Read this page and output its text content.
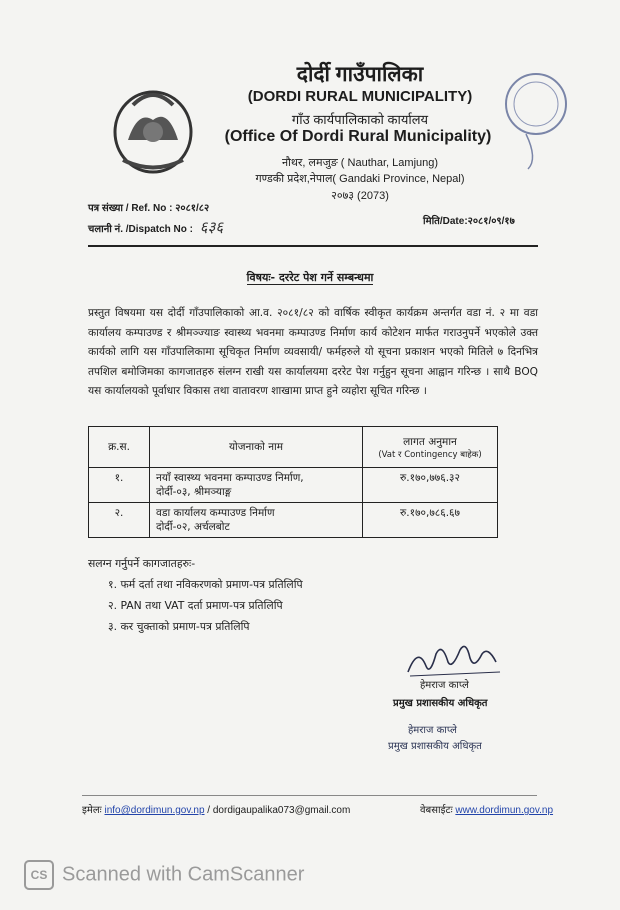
दोर्दी गाउँपालिका
(DORDI RURAL MUNICIPALITY)
गाँउ कार्यपालिकाको कार्यालय
(Office Of Dordi Rural Municipality)
नौथर, लमजुङ ( Nauthar, Lamjung)
गण्डकी प्रदेश,नेपाल( Gandaki Province, Nepal)
२०७३ (2073)
पत्र संख्या / Ref. No : २०८१/८२
चलानी नं. /Dispatch No : ६३६	मिति/Date:२०८१/०९/१७
विषयः- दररेट पेश गर्ने सम्बन्धमा
प्रस्तुत विषयमा यस दोर्दी गाँउपालिकाको आ.व. २०८१/८२ को वार्षिक स्वीकृत कार्यक्रम अन्तर्गत वडा नं. २ मा वडा कार्यालय कम्पाउण्ड र श्रीमञ्ज्याङ स्वास्थ्य भवनमा कम्पाउण्ड निर्माण कार्य कोटेशन मार्फत गराउनुपर्ने भएकोले उक्त कार्यको लागि यस गाँउपालिकामा सूचिकृत निर्माण व्यवसायी/ फर्महरुले यो सूचना प्रकाशन भएको मितिले ७ दिनभित्र तपशिल बमोजिमका कागजातहरु संलग्न राखी यस कार्यालयमा दररेट पेश गर्नुहुन सूचना आह्वान गरिन्छ । साथै BOQ यस कार्यालयको पूर्वाधार विकास तथा वातावरण शाखामा प्राप्त हुने व्यहोरा सूचित गरिन्छ ।
क्र.स.	योजनाको नाम	लागत अनुमान
(Vat र Contingency बाहेक)

१.	नयाँ स्वास्थ्य भवनमा कम्पाउण्ड निर्माण,
दोर्दी-०३, श्रीमञ्याङ्ग	रु.१७०,७७६.३२
२.	वडा कार्यालय कम्पाउण्ड निर्माण
दोर्दी-०२, अर्चलबोट	रु.१७०,७८६.६७
सलग्न गर्नुपर्ने कागजातहरुः-
१. फर्म दर्ता तथा नविकरणको प्रमाण-पत्र प्रतिलिपि
२. PAN तथा VAT दर्ता प्रमाण-पत्र प्रतिलिपि
३. कर चुक्ताको प्रमाण-पत्र प्रतिलिपि
हेमराज काप्ले
प्रमुख प्रशासकीय अधिकृत
हेमराज काप्ले
प्रमुख प्रशासकीय अधिकृत
इमेलः info@dordimun.gov.np / dordigaupalika073@gmail.com	वेबसाईटः www.dordimun.gov.np
CS Scanned with CamScanner
